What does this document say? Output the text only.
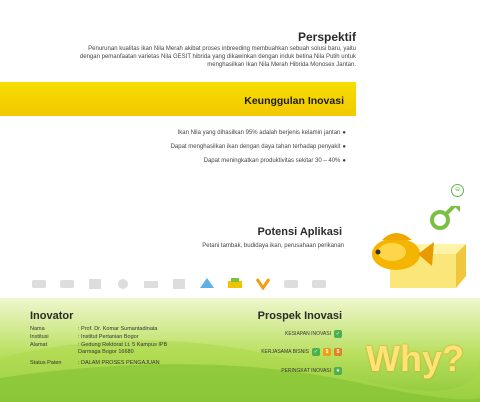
Perspektif
Penurunan kualitas ikan Nila Merah akibat proses inbreeding membuahkan sebuah solusi baru, yaitu
dengan pemanfaatan varietas Nila GESIT hibrida yang dikawinkan dengan induk betina Nila Putih untuk
menghasilkan Ikan Nila Merah Hibrida Monosex Jantan.
Keunggulan Inovasi
Ikan Nila yang dihasilkan 95% adalah berjenis kelamin jantan ●
Dapat menghasilkan ikan dengan daya tahan terhadap penyakit ●
Dapat meningkatkan produktivitas sekitar 30 – 40% ●
⊖
Potensi Aplikasi
Petani tambak, budidaya ikan, perusahaan perikanan
Inovator
Nama	: Prof. Dr. Komar Sumantadinata
Institusi	: Institut Pertanian Bogor
Alamat	: Gedung Rektorat Lt. 5 Kampus IPB Darmaga Bogor 16680
Status Paten	: DALAM PROSES PENGAJUAN
Prospek Inovasi
KESIAPAN INOVASI ✓
KERJASAMA BISNIS ✓	$	$
PERINGKAT INOVASI ★ Why?
